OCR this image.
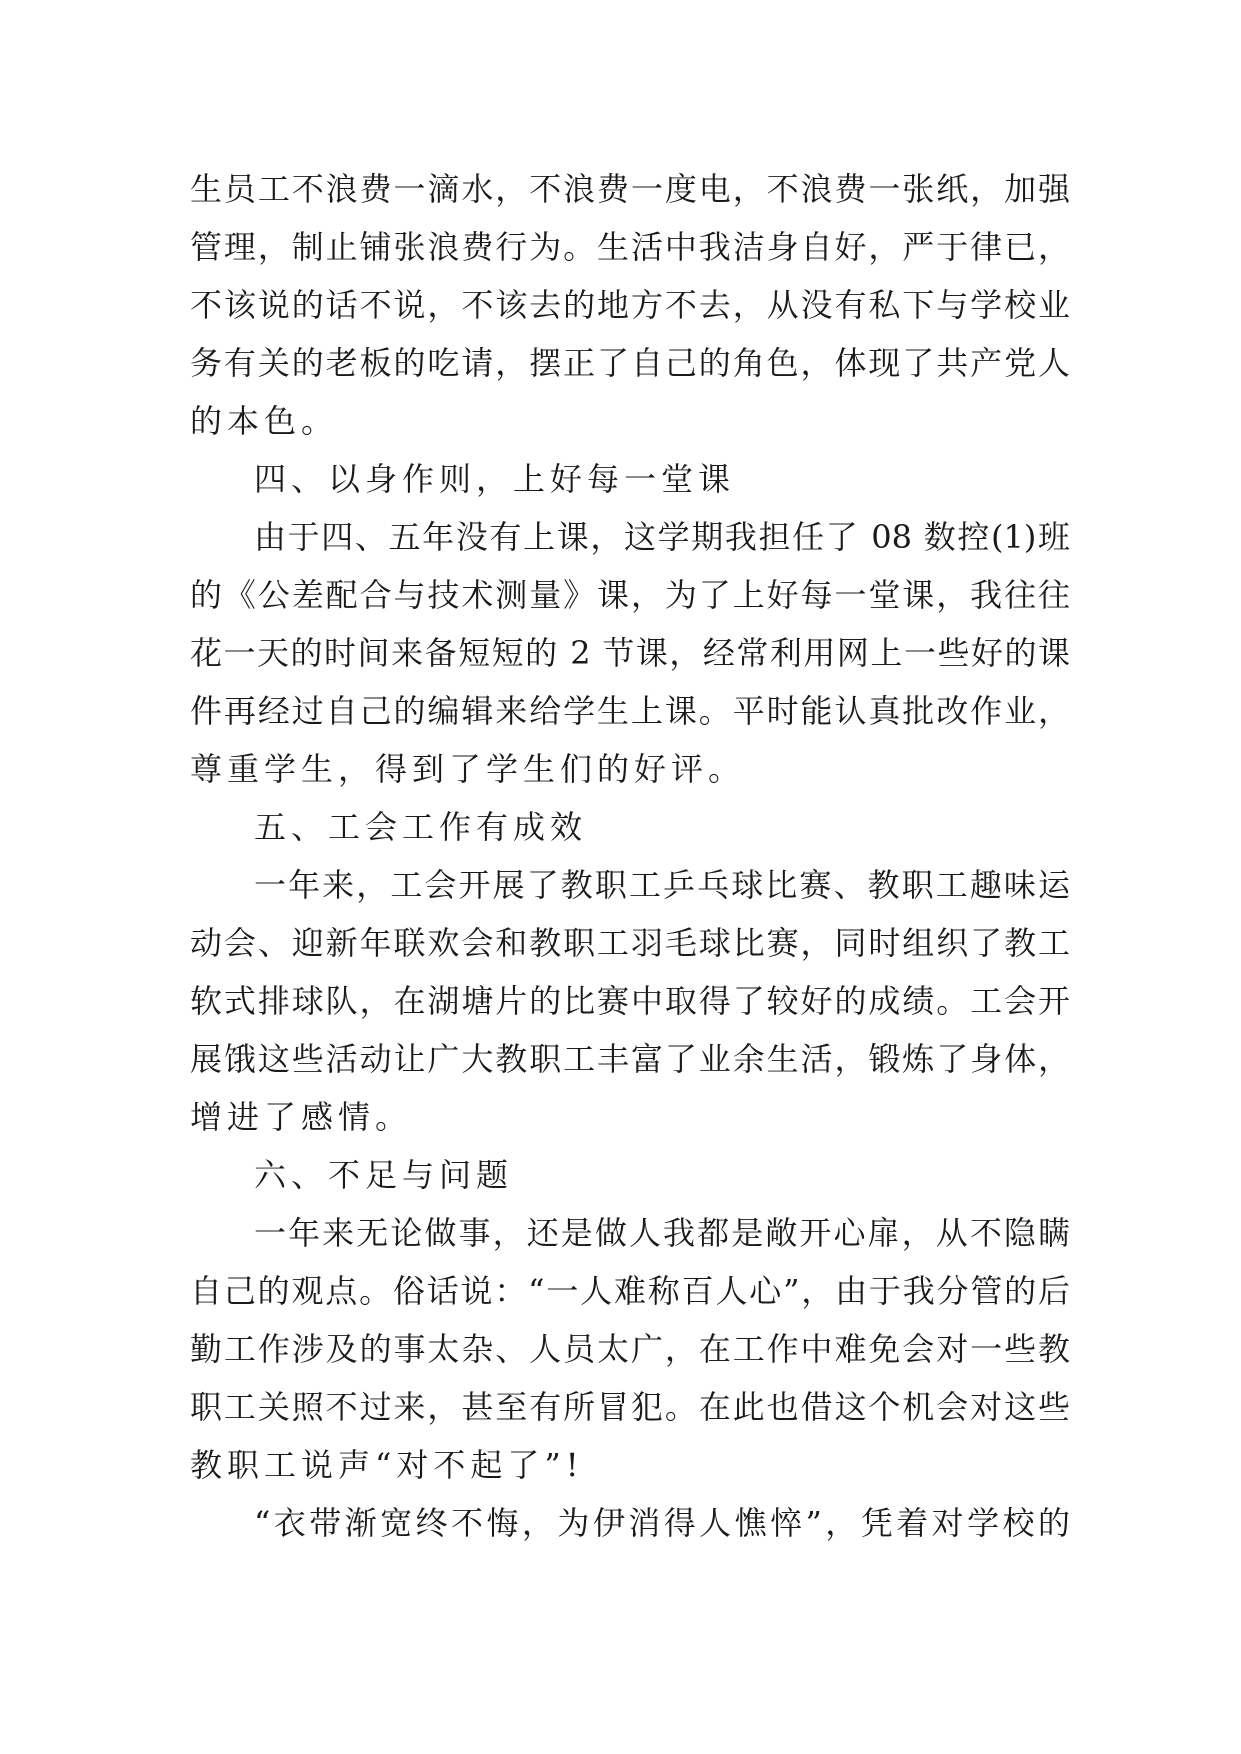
生员工不浪费一滴水，不浪费一度电，不浪费一张纸，加强

管理，制止铺张浪费行为。生活中我洁身自好，严于律已，

不该说的话不说，不该去的地方不去，从没有私下与学校业

务有关的老板的吃请，摆正了自己的角色，体现了共产党人

的本色。

四、以身作则，上好每一堂课

由于四、五年没有上课，这学期我担任了 08 数控(1)班

的《公差配合与技术测量》课，为了上好每一堂课，我往往

花一天的时间来备短短的 2 节课，经常利用网上一些好的课

件再经过自己的编辑来给学生上课。平时能认真批改作业，

尊重学生，得到了学生们的好评。

五、工会工作有成效

一年来，工会开展了教职工乒乓球比赛、教职工趣味运

动会、迎新年联欢会和教职工羽毛球比赛，同时组织了教工

软式排球队，在湖塘片的比赛中取得了较好的成绩。工会开

展饿这些活动让广大教职工丰富了业余生活，锻炼了身体，

增进了感情。

六、不足与问题

一年来无论做事，还是做人我都是敞开心扉，从不隐瞒

自己的观点。俗话说：“一人难称百人心”，由于我分管的后

勤工作涉及的事太杂、人员太广，在工作中难免会对一些教

职工关照不过来，甚至有所冒犯。在此也借这个机会对这些

教职工说声“对不起了”!

“衣带渐宽终不悔，为伊消得人憔悴”，凭着对学校的
